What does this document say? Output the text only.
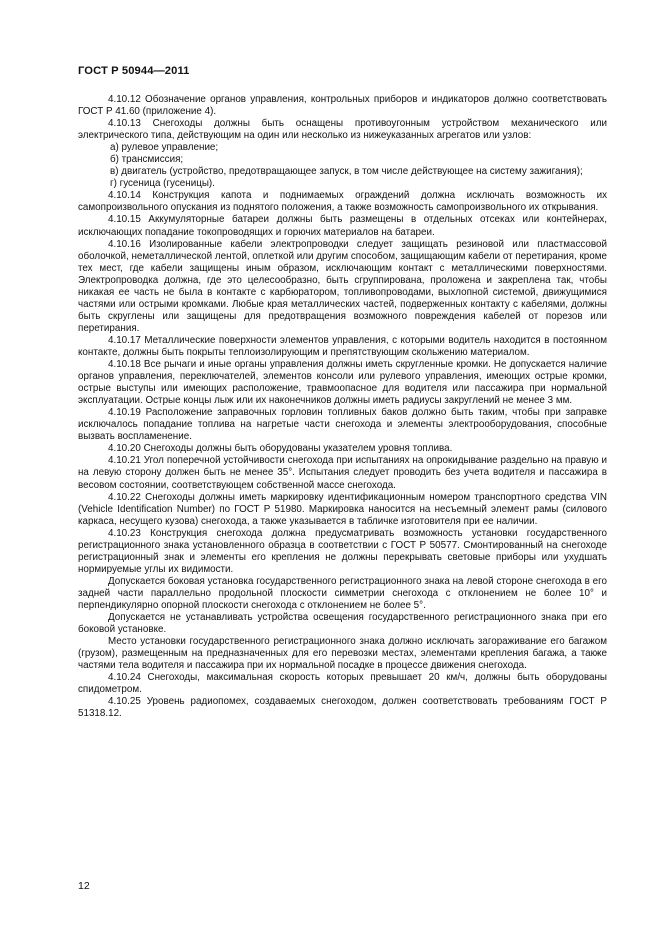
ГОСТ Р 50944—2011

4.10.12 Обозначение органов управления, контрольных приборов и индикаторов должно соответствовать ГОСТ Р 41.60 (приложение 4).

4.10.13 Снегоходы должны быть оснащены противоугонным устройством механического или электрического типа, действующим на один или несколько из нижеуказанных агрегатов или узлов:

а) рулевое управление;

б) трансмиссия;

в) двигатель (устройство, предотвращающее запуск, в том числе действующее на систему зажигания);

г) гусеница (гусеницы).

4.10.14 Конструкция капота и поднимаемых ограждений должна исключать возможность их самопроизвольного опускания из поднятого положения, а также возможность самопроизвольного их открывания.

4.10.15 Аккумуляторные батареи должны быть размещены в отдельных отсеках или контейнерах, исключающих попадание токопроводящих и горючих материалов на батареи.

4.10.16 Изолированные кабели электропроводки следует защищать резиновой или пластмассовой оболочкой, неметаллической лентой, оплеткой или другим способом, защищающим кабели от перетирания, кроме тех мест, где кабели защищены иным образом, исключающим контакт с металлическими поверхностями. Электропроводка должна, где это целесообразно, быть сгруппирована, проложена и закреплена так, чтобы никакая ее часть не была в контакте с карбюратором, топливопроводами, выхлопной системой, движущимися частями или острыми кромками. Любые края металлических частей, подверженных контакту с кабелями, должны быть скруглены или защищены для предотвращения возможного повреждения кабелей от порезов или перетирания.

4.10.17 Металлические поверхности элементов управления, с которыми водитель находится в постоянном контакте, должны быть покрыты теплоизолирующим и препятствующим скольжению материалом.

4.10.18 Все рычаги и иные органы управления должны иметь скругленные кромки. Не допускается наличие органов управления, переключателей, элементов консоли или рулевого управления, имеющих острые кромки, острые выступы или имеющих расположение, травмоопасное для водителя или пассажира при нормальной эксплуатации. Острые концы лыж или их наконечников должны иметь радиусы закруглений не менее 3 мм.

4.10.19 Расположение заправочных горловин топливных баков должно быть таким, чтобы при заправке исключалось попадание топлива на нагретые части снегохода и элементы электрооборудования, способные вызвать воспламенение.

4.10.20 Снегоходы должны быть оборудованы указателем уровня топлива.

4.10.21 Угол поперечной устойчивости снегохода при испытаниях на опрокидывание раздельно на правую и на левую сторону должен быть не менее 35°. Испытания следует проводить без учета водителя и пассажира в весовом состоянии, соответствующем собственной массе снегохода.

4.10.22 Снегоходы должны иметь маркировку идентификационным номером транспортного средства VIN (Vehicle Identification Number) по ГОСТ Р 51980. Маркировка наносится на несъемный элемент рамы (силового каркаса, несущего кузова) снегохода, а также указывается в табличке изготовителя при ее наличии.

4.10.23 Конструкция снегохода должна предусматривать возможность установки государственного регистрационного знака установленного образца в соответствии с ГОСТ Р 50577. Смонтированный на снегоходе регистрационный знак и элементы его крепления не должны перекрывать световые приборы или ухудшать нормируемые углы их видимости.

Допускается боковая установка государственного регистрационного знака на левой стороне снегохода в его задней части параллельно продольной плоскости симметрии снегохода с отклонением не более 10° и перпендикулярно опорной плоскости снегохода с отклонением не более 5°.

Допускается не устанавливать устройства освещения государственного регистрационного знака при его боковой установке.

Место установки государственного регистрационного знака должно исключать загораживание его багажом (грузом), размещенным на предназначенных для его перевозки местах, элементами крепления багажа, а также частями тела водителя и пассажира при их нормальной посадке в процессе движения снегохода.

4.10.24 Снегоходы, максимальная скорость которых превышает 20 км/ч, должны быть оборудованы спидометром.

4.10.25 Уровень радиопомех, создаваемых снегоходом, должен соответствовать требованиям ГОСТ Р 51318.12.

12
